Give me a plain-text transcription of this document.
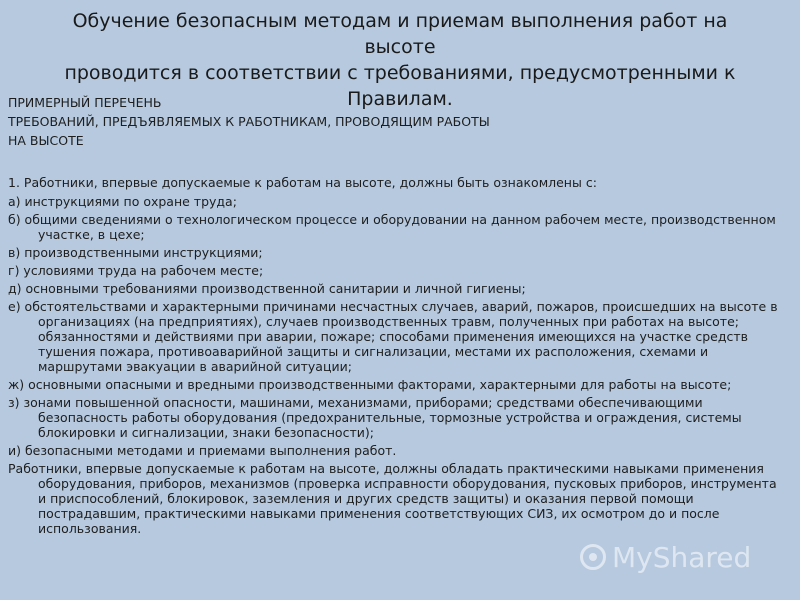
Обучение безопасным методам и приемам выполнения работ на высоте
проводится в соответствии с требованиями, предусмотренными к
Правилам.
ПРИМЕРНЫЙ ПЕРЕЧЕНЬ
ТРЕБОВАНИЙ, ПРЕДЪЯВЛЯЕМЫХ К РАБОТНИКАМ, ПРОВОДЯЩИМ РАБОТЫ
НА ВЫСОТЕ
1. Работники, впервые допускаемые к работам на высоте, должны быть ознакомлены с:
а) инструкциями по охране труда;
б) общими сведениями о технологическом процессе и оборудовании на данном рабочем месте, производственном участке, в цехе;
в) производственными инструкциями;
г) условиями труда на рабочем месте;
д) основными требованиями производственной санитарии и личной гигиены;
е) обстоятельствами и характерными причинами несчастных случаев, аварий, пожаров, происшедших на высоте в организациях (на предприятиях), случаев производственных травм, полученных при работах на высоте; обязанностями и действиями при аварии, пожаре; способами применения имеющихся на участке средств тушения пожара, противоаварийной защиты и сигнализации, местами их расположения, схемами и маршрутами эвакуации в аварийной ситуации;
ж) основными опасными и вредными производственными факторами, характерными для работы на высоте;
з) зонами повышенной опасности, машинами, механизмами, приборами; средствами обеспечивающими безопасность работы оборудования (предохранительные, тормозные устройства и ограждения, системы блокировки и сигнализации, знаки безопасности);
и) безопасными методами и приемами выполнения работ.
Работники, впервые допускаемые к работам на высоте, должны обладать практическими навыками применения оборудования, приборов, механизмов (проверка исправности оборудования, пусковых приборов, инструмента и приспособлений, блокировок, заземления и других средств защиты) и оказания первой помощи пострадавшим, практическими навыками применения соответствующих СИЗ, их осмотром до и после использования.
MyShared
